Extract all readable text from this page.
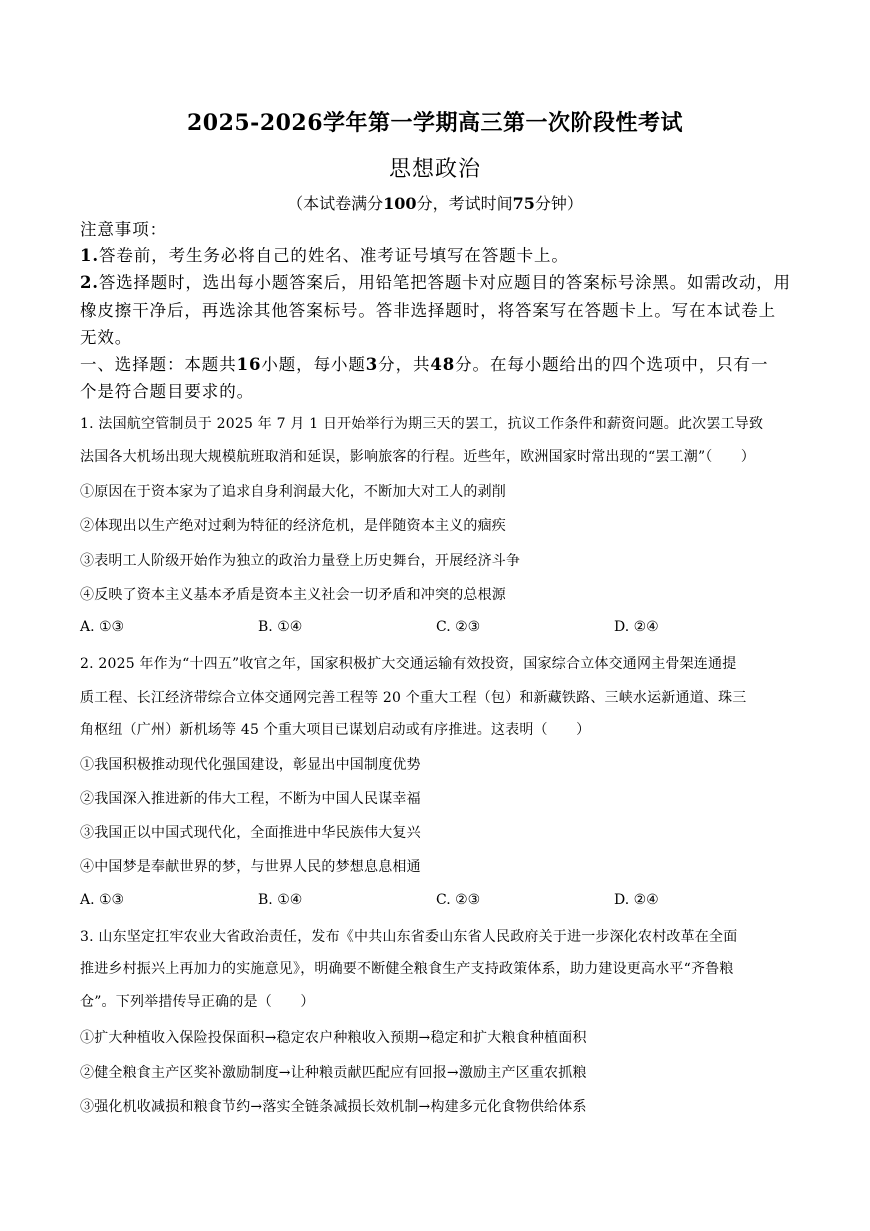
2025-2026学年第一学期高三第一次阶段性考试
思想政治
（本试卷满分100分，考试时间75分钟）
注意事项：
1.答卷前，考生务必将自己的姓名、准考证号填写在答题卡上。
2.答选择题时，选出每小题答案后，用铅笔把答题卡对应题目的答案标号涂黑。如需改动，用
橡皮擦干净后，再选涂其他答案标号。答非选择题时，将答案写在答题卡上。写在本试卷上
无效。
一、选择题：本题共16小题，每小题3分，共48分。在每小题给出的四个选项中，只有一
个是符合题目要求的。
1. 法国航空管制员于 2025 年 7 月 1 日开始举行为期三天的罢工，抗议工作条件和薪资问题。此次罢工导致
法国各大机场出现大规模航班取消和延误，影响旅客的行程。近些年，欧洲国家时常出现的“罢工潮”（　　）
①原因在于资本家为了追求自身利润最大化，不断加大对工人的剥削
②体现出以生产绝对过剩为特征的经济危机，是伴随资本主义的痼疾
③表明工人阶级开始作为独立的政治力量登上历史舞台，开展经济斗争
④反映了资本主义基本矛盾是资本主义社会一切矛盾和冲突的总根源
A. ①③	B. ①④	C. ②③	D. ②④
2. 2025 年作为“十四五”收官之年，国家积极扩大交通运输有效投资，国家综合立体交通网主骨架连通提
质工程、长江经济带综合立体交通网完善工程等 20 个重大工程（包）和新藏铁路、三峡水运新通道、珠三
角枢纽（广州）新机场等 45 个重大项目已谋划启动或有序推进。这表明（　　）
①我国积极推动现代化强国建设，彰显出中国制度优势
②我国深入推进新的伟大工程，不断为中国人民谋幸福
③我国正以中国式现代化，全面推进中华民族伟大复兴
④中国梦是奉献世界的梦，与世界人民的梦想息息相通
A. ①③	B. ①④	C. ②③	D. ②④
3. 山东坚定扛牢农业大省政治责任，发布《中共山东省委山东省人民政府关于进一步深化农村改革在全面
推进乡村振兴上再加力的实施意见》，明确要不断健全粮食生产支持政策体系，助力建设更高水平“齐鲁粮
仓”。下列举措传导正确的是（　　）
①扩大种植收入保险投保面积→稳定农户种粮收入预期→稳定和扩大粮食种植面积
②健全粮食主产区奖补激励制度→让种粮贡献匹配应有回报→激励主产区重农抓粮
③强化机收减损和粮食节约→落实全链条减损长效机制→构建多元化食物供给体系
